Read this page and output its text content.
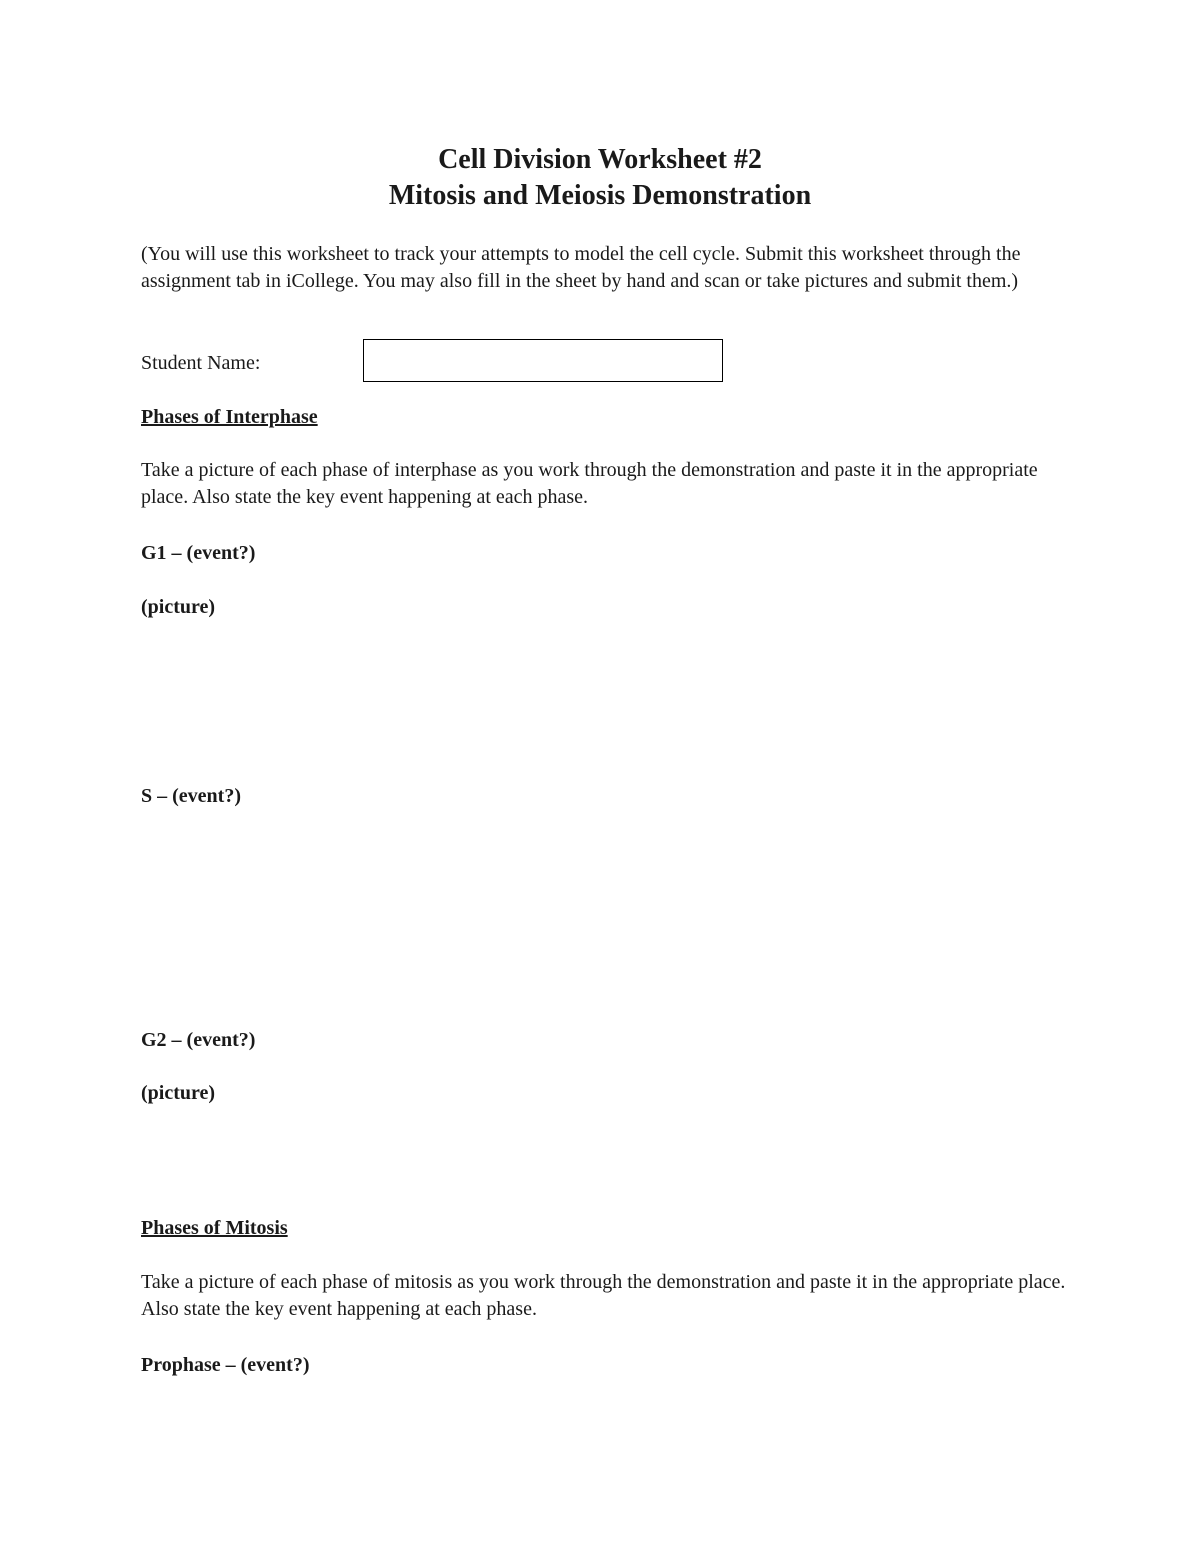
Cell Division Worksheet #2
Mitosis and Meiosis Demonstration

(You will use this worksheet to track your attempts to model the cell cycle. Submit this worksheet through the assignment tab in iCollege. You may also fill in the sheet by hand and scan or take pictures and submit them.)

Student Name:
Phases of Interphase

Take a picture of each phase of interphase as you work through the demonstration and paste it in the appropriate place. Also state the key event happening at each phase.

G1 – (event?)
(picture)
S – (event?)
G2 – (event?)
(picture)
Phases of Mitosis

Take a picture of each phase of mitosis as you work through the demonstration and paste it in the appropriate place. Also state the key event happening at each phase.

Prophase – (event?)
